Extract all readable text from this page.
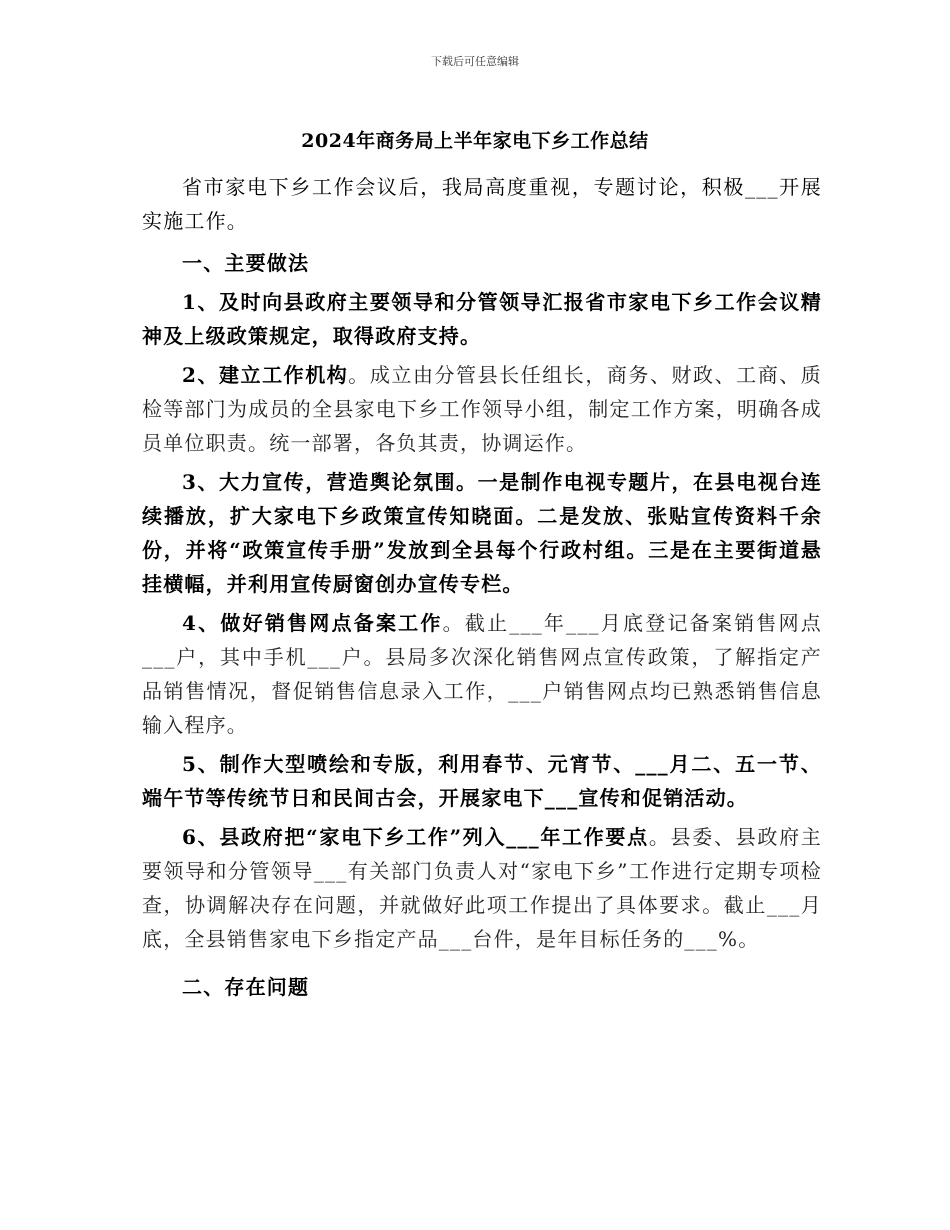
下载后可任意编辑
2024年商务局上半年家电下乡工作总结

省市家电下乡工作会议后，我局高度重视，专题讨论，积极___开展实施工作。

一、主要做法

1、及时向县政府主要领导和分管领导汇报省市家电下乡工作会议精神及上级政策规定，取得政府支持。

2、建立工作机构。成立由分管县长任组长，商务、财政、工商、质检等部门为成员的全县家电下乡工作领导小组，制定工作方案，明确各成员单位职责。统一部署，各负其责，协调运作。

3、大力宣传，营造舆论氛围。一是制作电视专题片，在县电视台连续播放，扩大家电下乡政策宣传知晓面。二是发放、张贴宣传资料千余份，并将“政策宣传手册”发放到全县每个行政村组。三是在主要街道悬挂横幅，并利用宣传厨窗创办宣传专栏。

4、做好销售网点备案工作。截止___年___月底登记备案销售网点___户，其中手机___户。县局多次深化销售网点宣传政策，了解指定产品销售情况，督促销售信息录入工作，___户销售网点均已熟悉销售信息输入程序。

5、制作大型喷绘和专版，利用春节、元宵节、___月二、五一节、端午节等传统节日和民间古会，开展家电下___宣传和促销活动。

6、县政府把“家电下乡工作”列入___年工作要点。县委、县政府主要领导和分管领导___有关部门负责人对“家电下乡”工作进行定期专项检查，协调解决存在问题，并就做好此项工作提出了具体要求。截止___月底，全县销售家电下乡指定产品___台件，是年目标任务的___%。

二、存在问题
